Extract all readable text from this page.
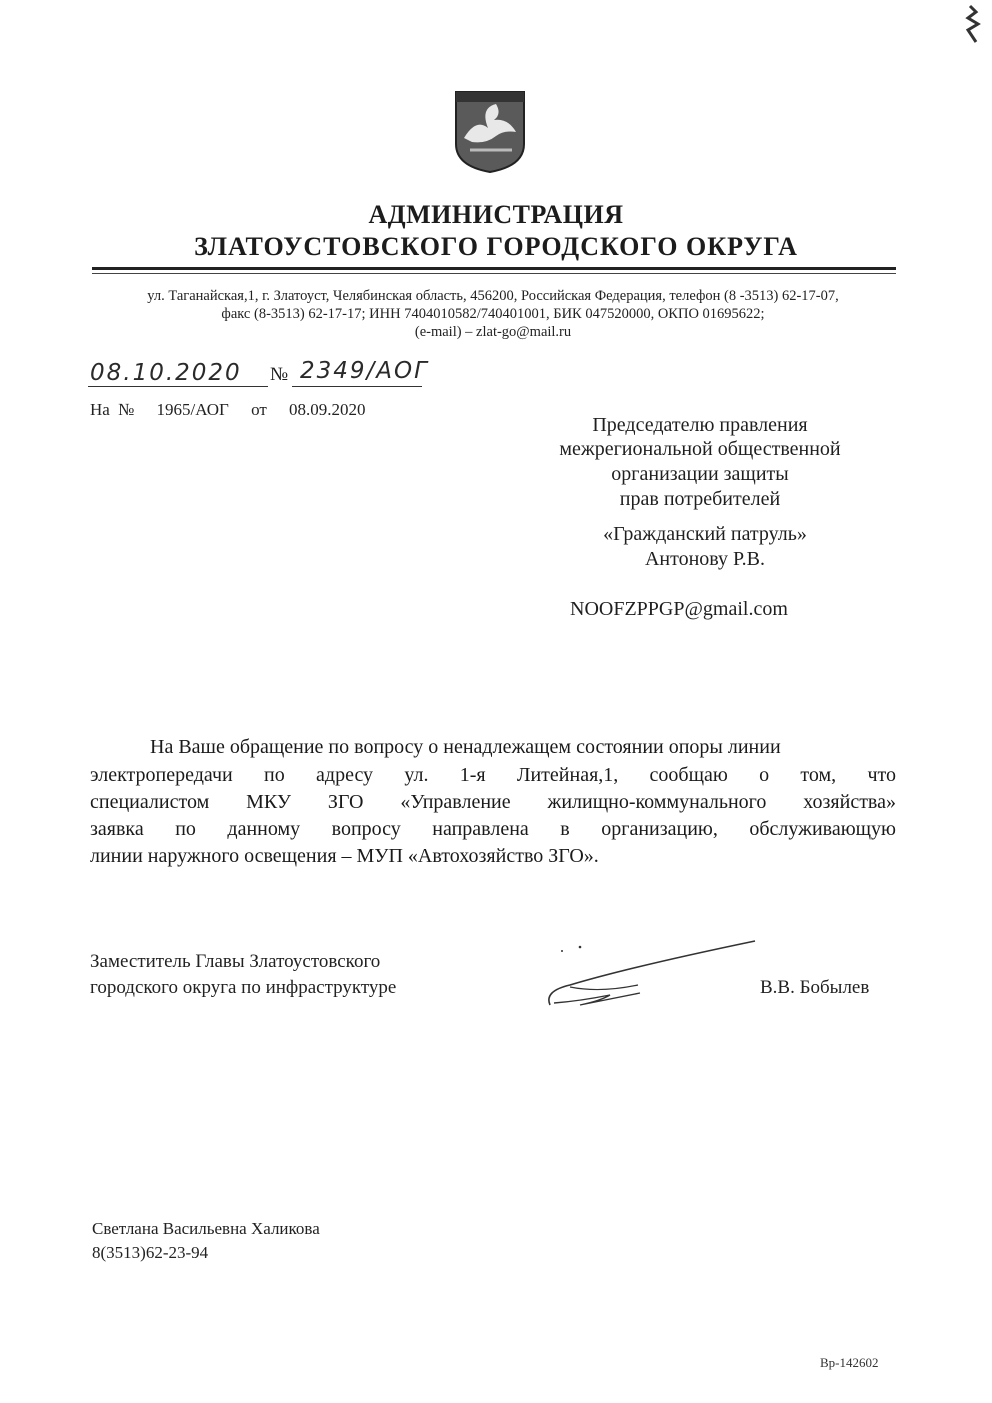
АДМИНИСТРАЦИЯ
ЗЛАТОУСТОВСКОГО ГОРОДСКОГО ОКРУГА
ул. Таганайская,1, г. Златоуст, Челябинская область, 456200, Российская Федерация, телефон (8 -3513) 62-17-07,
факс (8-3513) 62-17-17; ИНН 7404010582/740401001, БИК 047520000, ОКПО 01695622;
(e-mail) – zlat-go@mail.ru
08.10.2020 № 2349/АОГ
На № 1965/АОГ от 08.09.2020
Председателю правления
межрегиональной общественной
организации защиты
прав потребителей
«Гражданский патруль»
Антонову Р.В.
NOOFZPPGP@gmail.com
На Ваше обращение по вопросу о ненадлежащем состоянии опоры линии
электропередачи по адресу ул. 1-я Литейная,1, сообщаю о том, что
специалистом МКУ ЗГО «Управление жилищно-коммунального хозяйства»
заявка по данному вопросу направлена в организацию, обслуживающую
линии наружного освещения – МУП «Автохозяйство ЗГО».
Заместитель Главы Златоустовского
городского округа по инфраструктуре	В.В. Бобылев
Светлана Васильевна Халикова
8(3513)62-23-94
Вр-142602
